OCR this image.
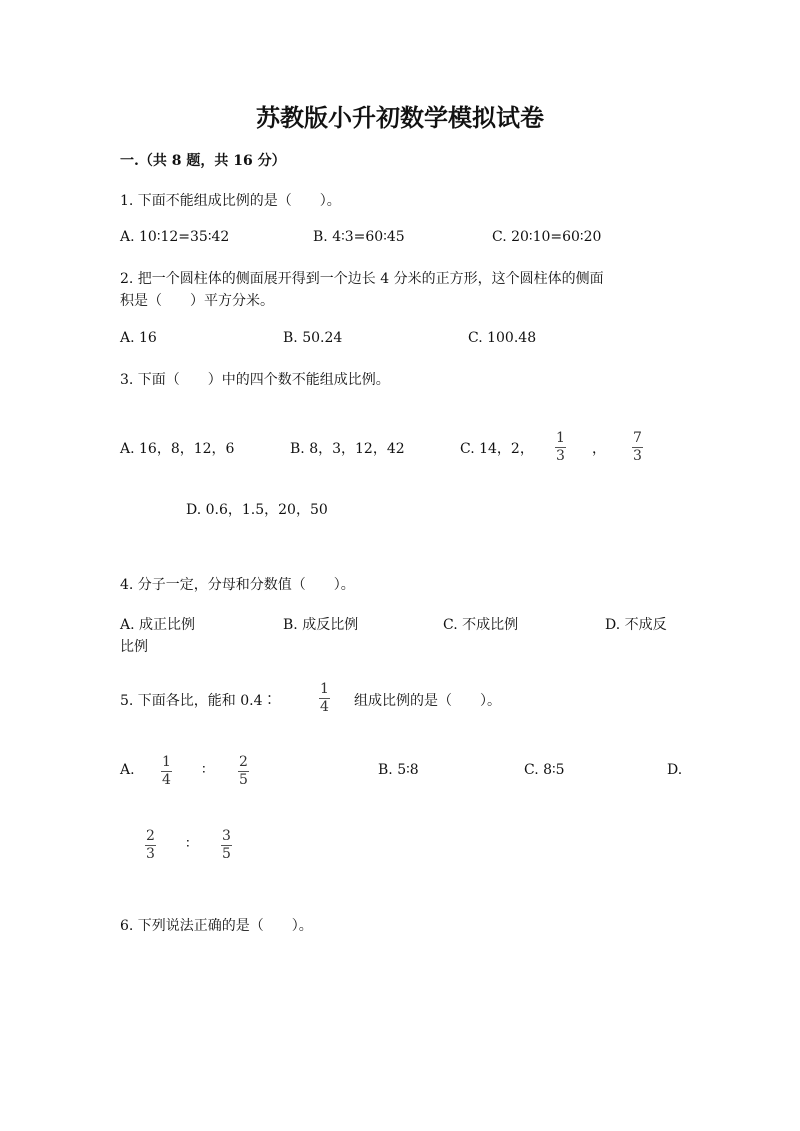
苏教版小升初数学模拟试卷
一.（共 8 题，共 16 分）
1. 下面不能组成比例的是（　　）。
A. 10∶12=35∶42	B. 4∶3=60∶45	C. 20∶10=60∶20
2. 把一个圆柱体的侧面展开得到一个边长 4 分米的正方形，这个圆柱体的侧面
积是（　　）平方分米。
A. 16	B. 50.24	C. 100.48
3. 下面（　　）中的四个数不能组成比例。
A. 16，8，12，6	B. 8，3，12，42	C. 14，2，
1
3 ，
7
3
D. 0.6，1.5，20，50
4. 分子一定，分母和分数值（　　）。
A. 成正比例	B. 成反比例	C. 不成比例	D. 不成反
比例
5. 下面各比，能和 0.4∶
1
4 组成比例的是（　　）。
A. 1
4
∶ 2
5
B. 5∶8	C. 8∶5	D.
2
3
∶ 3
5
6. 下列说法正确的是（　　）。
